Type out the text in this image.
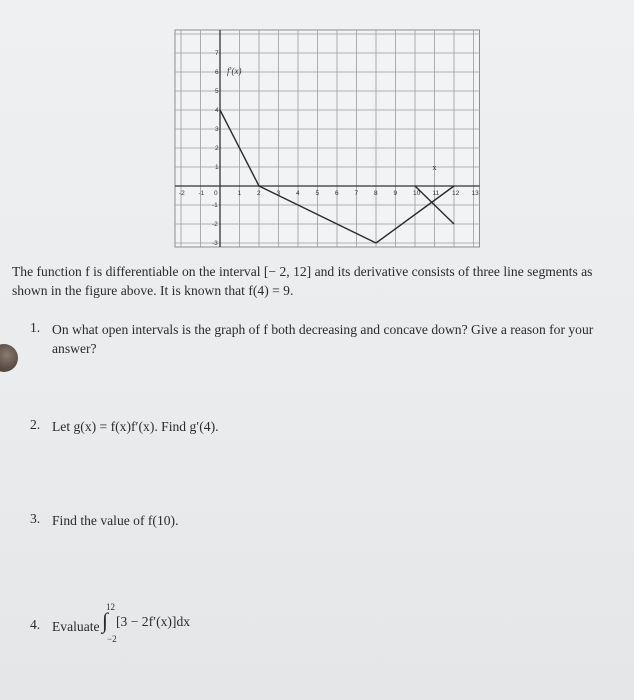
-2 -1 0	1 2 3 4 5 6 7 8 9 10 11 12 13
7
6
5
4
3
2
1
-1
-2
-3
f′(x)
x
The function f is differentiable on the interval [− 2, 12] and its derivative consists of three line segments as
shown in the figure above. It is known that f(4) = 9.
1. On what open intervals is the graph of f both decreasing and concave down? Give a reason for your
answer?
2. Let g(x) = f(x)f′(x). Find g′(4).
3. Find the value of f(10).
4. Evaluate
12
∫
−2
[3 − 2f′(x)]dx
